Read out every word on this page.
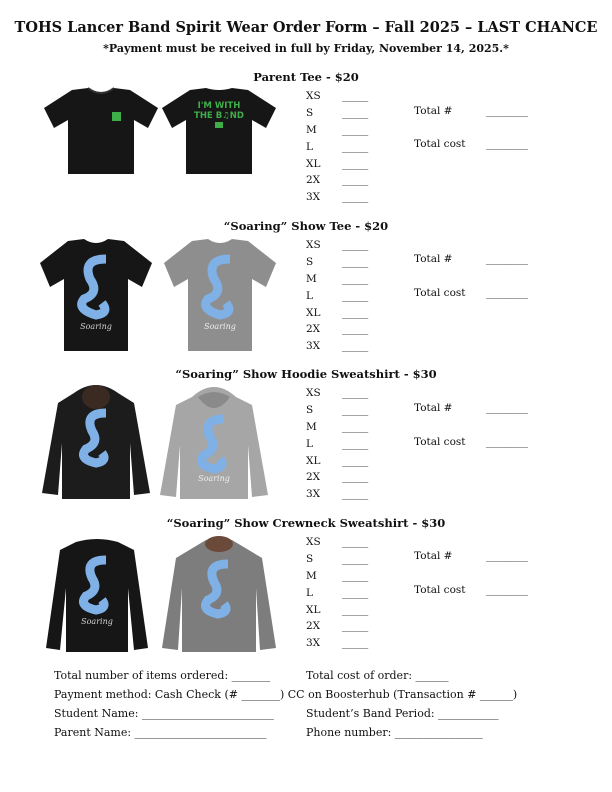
TOHS Lancer Band Spirit Wear Order Form – Fall 2025 – LAST CHANCE
*Payment must be received in full by Friday, November 14, 2025.*
Parent Tee - $20
I'M WITH
THE B♫ND
XS	_____
S	_____
M	_____
L	_____
XL	_____
2X	_____
3X	_____
Total #	________
Total cost ________
“Soaring” Show Tee - $20
Soaring	Soaring
XS	_____
S	_____
M	_____
L	_____
XL	_____
2X	_____
3X	_____
Total #	________
Total cost ________
“Soaring” Show Hoodie Sweatshirt - $30
Soaring
XS	_____
S	_____
M	_____
L	_____
XL	_____
2X	_____
3X	_____
Total #	________
Total cost ________
“Soaring” Show Crewneck Sweatshirt - $30
Soaring
XS	_____
S	_____
M	_____
L	_____
XL	_____
2X	_____
3X	_____
Total #	________
Total cost ________
Total number of items ordered: _______	Total cost of order: ______
Payment method: Cash Check (# _______) CC on Boosterhub (Transaction # ______)
Student Name: ________________________	Student’s Band Period: ___________
Parent Name: ________________________	Phone number: ________________
